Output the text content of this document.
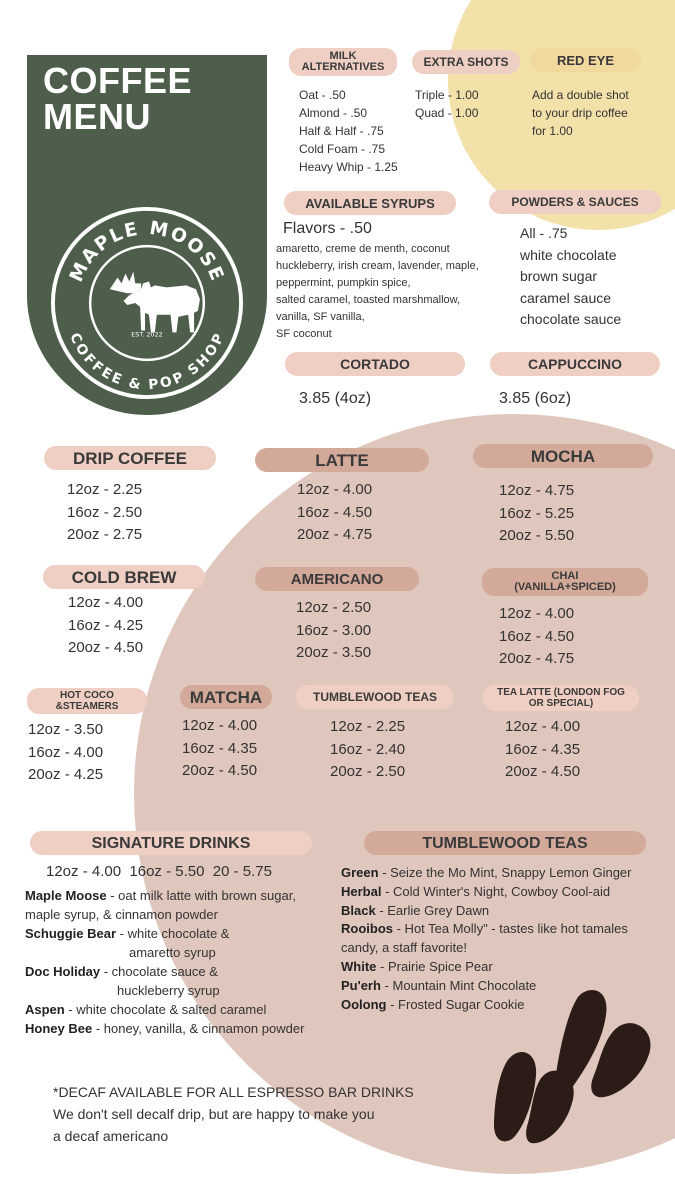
COFFEE
MENU
MAPLE MOOSE
COFFEE & POP SHOP
EST. 2022
MILK
ALTERNATIVES
Oat - .50
Almond - .50
Half & Half - .75
Cold Foam - .75
Heavy Whip - 1.25
EXTRA SHOTS
Triple - 1.00
Quad - 1.00
RED EYE
Add a double shot
to your drip coffee
for 1.00
AVAILABLE SYRUPS
Flavors - .50
amaretto, creme de menth, coconut
huckleberry, irish cream, lavender, maple,
peppermint, pumpkin spice,
salted caramel, toasted marshmallow,
vanilla, SF vanilla,
SF coconut
POWDERS & SAUCES
All - .75
white chocolate
brown sugar
caramel sauce
chocolate sauce
CORTADO
3.85 (4oz)
CAPPUCCINO
3.85 (6oz)
DRIP COFFEE
12oz - 2.25
16oz - 2.50
20oz - 2.75
LATTE
12oz - 4.00
16oz - 4.50
20oz - 4.75
MOCHA
12oz - 4.75
16oz - 5.25
20oz - 5.50
COLD BREW
12oz - 4.00
16oz - 4.25
20oz - 4.50
AMERICANO
12oz - 2.50
16oz - 3.00
20oz - 3.50
CHAI
(VANILLA+SPICED)
12oz - 4.00
16oz - 4.50
20oz - 4.75
HOT COCO
&STEAMERS
12oz - 3.50
16oz - 4.00
20oz - 4.25
MATCHA
12oz - 4.00
16oz - 4.35
20oz - 4.50
TUMBLEWOOD TEAS
12oz - 2.25
16oz - 2.40
20oz - 2.50
TEA LATTE (LONDON FOG
OR SPECIAL)
12oz - 4.00
16oz - 4.35
20oz - 4.50
SIGNATURE DRINKS
12oz - 4.00  16oz - 5.50  20 - 5.75
Maple Moose - oat milk latte with brown sugar,
maple syrup, & cinnamon powder
Schuggie Bear - white chocolate &
amaretto syrup
Doc Holiday - chocolate sauce &
huckleberry syrup
Aspen - white chocolate & salted caramel
Honey Bee - honey, vanilla, & cinnamon powder
TUMBLEWOOD TEAS
Green - Seize the Mo Mint, Snappy Lemon Ginger
Herbal - Cold Winter's Night, Cowboy Cool-aid
Black - Earlie Grey Dawn
Rooibos - Hot Tea Molly" - tastes like hot tamales
candy, a staff favorite!
White - Prairie Spice Pear
Pu'erh - Mountain Mint Chocolate
Oolong - Frosted Sugar Cookie
*DECAF AVAILABLE FOR ALL ESPRESSO BAR DRINKS
We don't sell decalf drip, but are happy to make you
a decaf americano
